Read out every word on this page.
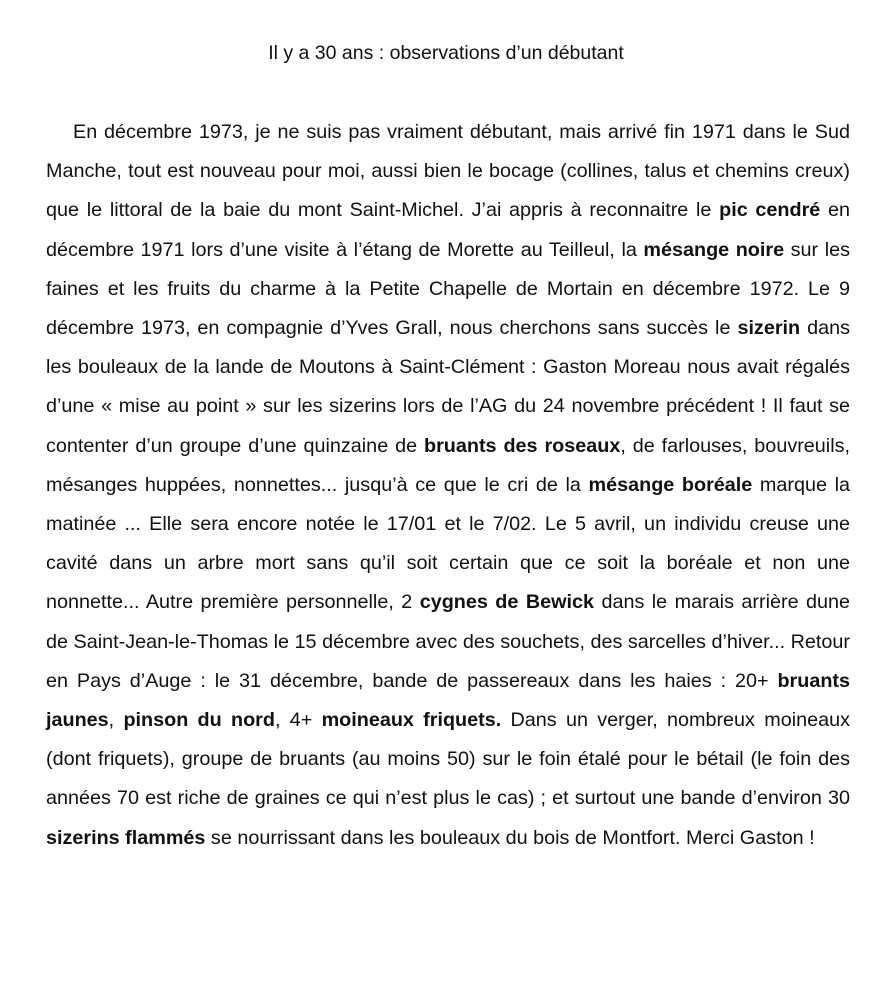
Il y a 30 ans : observations d’un débutant

En décembre 1973, je ne suis pas vraiment débutant, mais arrivé fin 1971 dans le Sud Manche, tout est nouveau pour moi, aussi bien le bocage (collines, talus et chemins creux) que le littoral de la baie du mont Saint-Michel. J’ai appris à reconnaitre le pic cendré en décembre 1971 lors d’une visite à l’étang de Morette au Teilleul, la mésange noire sur les faines et les fruits du charme à la Petite Chapelle de Mortain en décembre 1972. Le 9 décembre 1973, en compagnie d’Yves Grall, nous cherchons sans succès le sizerin dans les bouleaux de la lande de Moutons à Saint-Clément : Gaston Moreau nous avait régalés d’une « mise au point » sur les sizerins lors de l’AG du 24 novembre précédent ! Il faut se contenter d’un groupe d’une quinzaine de bruants des roseaux, de farlouses, bouvreuils, mésanges huppées, nonnettes... jusqu’à ce que le cri de la mésange boréale marque la matinée ... Elle sera encore notée le 17/01 et le 7/02. Le 5 avril, un individu creuse une cavité dans un arbre mort sans qu’il soit certain que ce soit la boréale et non une nonnette... Autre première personnelle, 2 cygnes de Bewick dans le marais arrière dune de Saint-Jean-le-Thomas le 15 décembre avec des souchets, des sarcelles d’hiver... Retour en Pays d’Auge : le 31 décembre, bande de passereaux dans les haies : 20+ bruants jaunes, pinson du nord, 4+ moineaux friquets. Dans un verger, nombreux moineaux (dont friquets), groupe de bruants (au moins 50) sur le foin étalé pour le bétail (le foin des années 70 est riche de graines ce qui n’est plus le cas) ; et surtout une bande d’environ 30 sizerins flammés se nourrissant dans les bouleaux du bois de Montfort. Merci Gaston !
